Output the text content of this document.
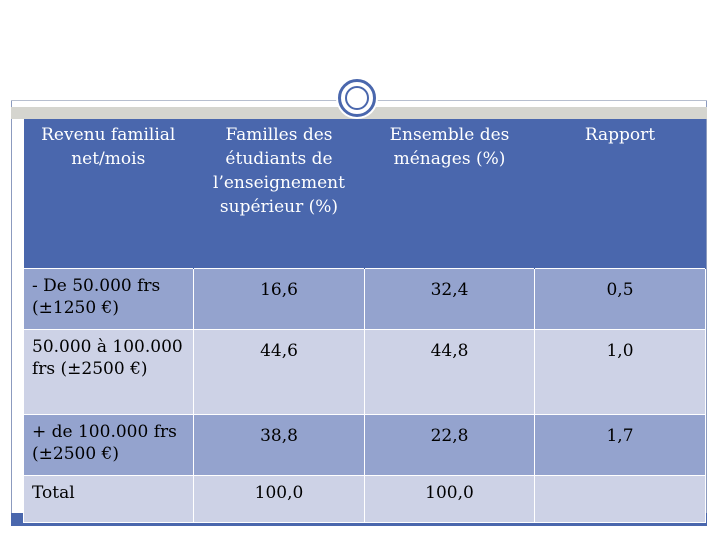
Revenu familial net/mois	Familles des étudiants de l’enseignement supérieur (%)	Ensemble des ménages (%)	Rapport
- De 50.000 frs (±1250 €)	16,6	32,4	0,5
50.000 à 100.000 frs (±2500 €)	44,6	44,8	1,0
+ de 100.000 frs (±2500 €)	38,8	22,8	1,7
Total	100,0	100,0	
